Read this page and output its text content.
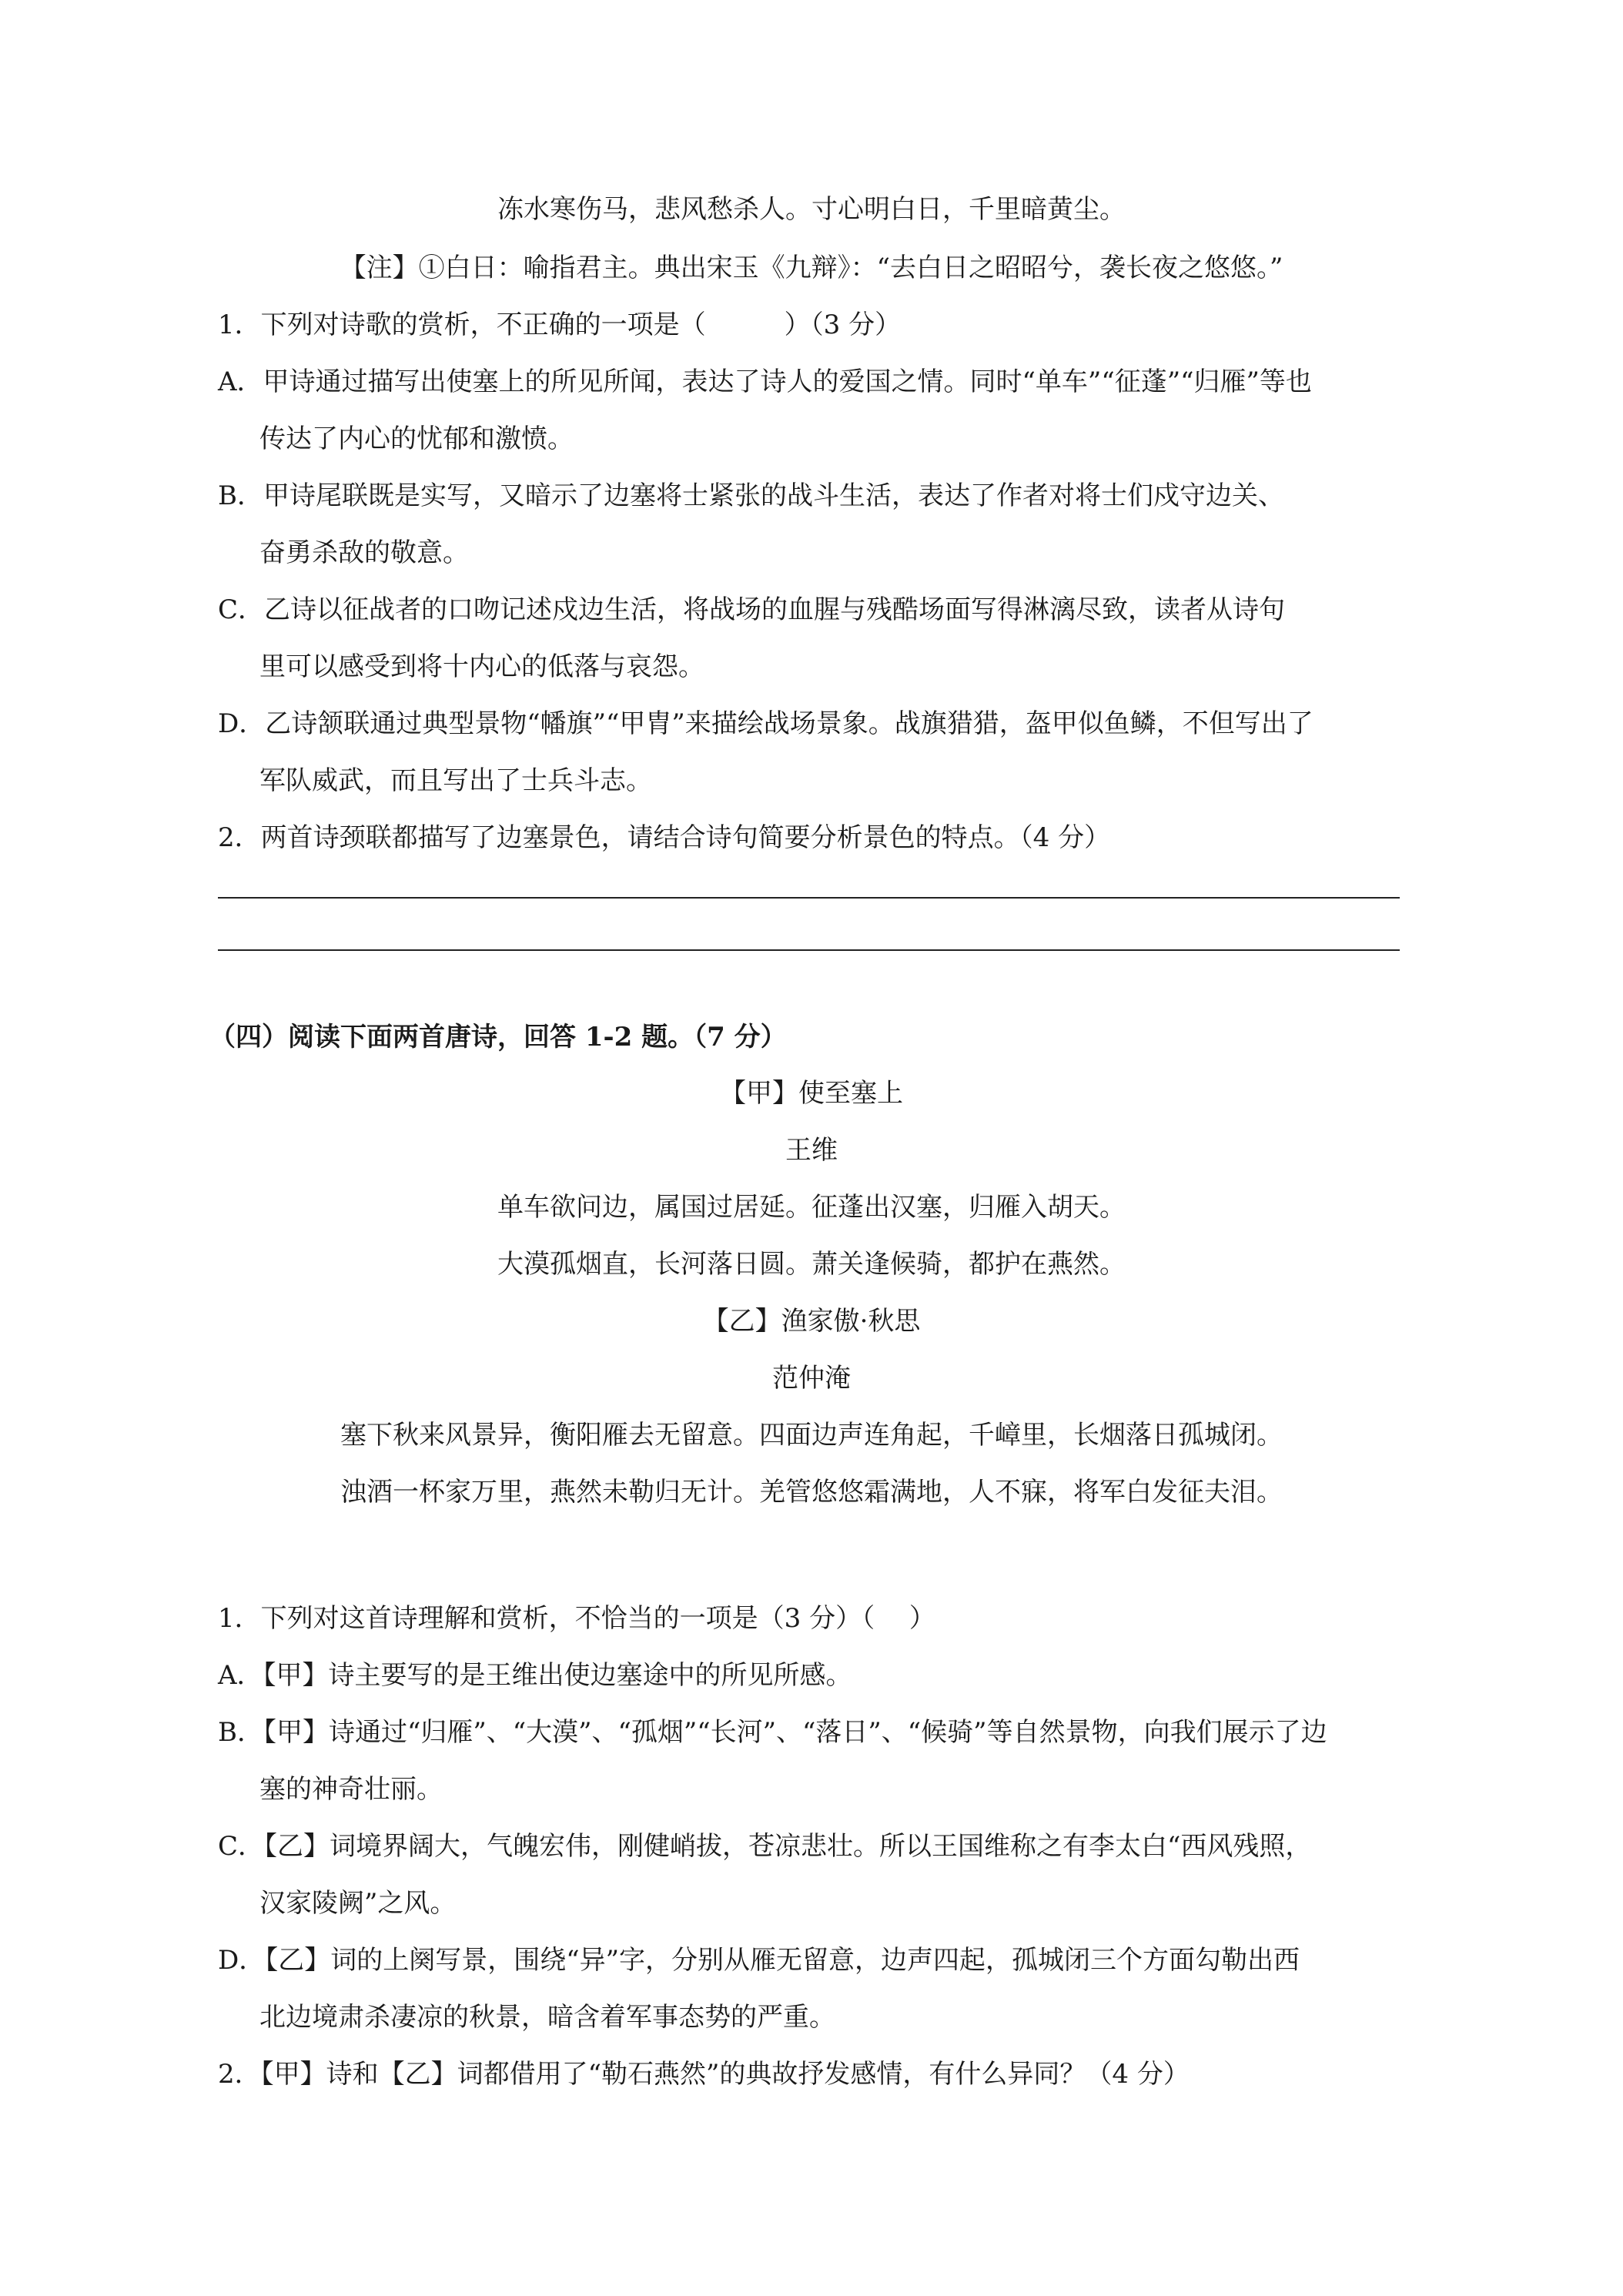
冻水寒伤马，悲风愁杀人。寸心明白日，千里暗黄尘。
【注】①白日：喻指君主。典出宋玉《九辩》：“去白日之昭昭兮，袭长夜之悠悠。”
1．下列对诗歌的赏析，不正确的一项是（　　　）（3 分）
A．甲诗通过描写出使塞上的所见所闻，表达了诗人的爱国之情。同时“单车”“征蓬”“归雁”等也
传达了内心的忧郁和激愤。
B．甲诗尾联既是实写，又暗示了边塞将士紧张的战斗生活，表达了作者对将士们戍守边关、
奋勇杀敌的敬意。
C．乙诗以征战者的口吻记述戍边生活，将战场的血腥与残酷场面写得淋漓尽致，读者从诗句
里可以感受到将十内心的低落与哀怨。
D．乙诗颔联通过典型景物“幡旗”“甲胄”来描绘战场景象。战旗猎猎，盔甲似鱼鳞，不但写出了
军队威武，而且写出了士兵斗志。
2．两首诗颈联都描写了边塞景色，请结合诗句简要分析景色的特点。（4 分）
（四）阅读下面两首唐诗，回答 1-2 题。（7 分）
【甲】使至塞上
王维
单车欲问边，属国过居延。征蓬出汉塞，归雁入胡天。
大漠孤烟直，长河落日圆。萧关逢候骑，都护在燕然。
【乙】渔家傲·秋思
范仲淹
塞下秋来风景异，衡阳雁去无留意。四面边声连角起，千嶂里，长烟落日孤城闭。
浊酒一杯家万里，燕然未勒归无计。羌管悠悠霜满地，人不寐，将军白发征夫泪。
1．下列对这首诗理解和赏析，不恰当的一项是（3 分）（　 ）
A．【甲】诗主要写的是王维出使边塞途中的所见所感。
B．【甲】诗通过“归雁”、“大漠”、“孤烟”“长河”、“落日”、“候骑”等自然景物，向我们展示了边
塞的神奇壮丽。
C．【乙】词境界阔大，气魄宏伟，刚健峭拔，苍凉悲壮。所以王国维称之有李太白“西风残照，
汉家陵阙”之风。
D．【乙】词的上阕写景，围绕“异”字，分别从雁无留意，边声四起，孤城闭三个方面勾勒出西
北边境肃杀凄凉的秋景，暗含着军事态势的严重。
2．【甲】诗和【乙】词都借用了“勒石燕然”的典故抒发感情，有什么异同？（4 分）
